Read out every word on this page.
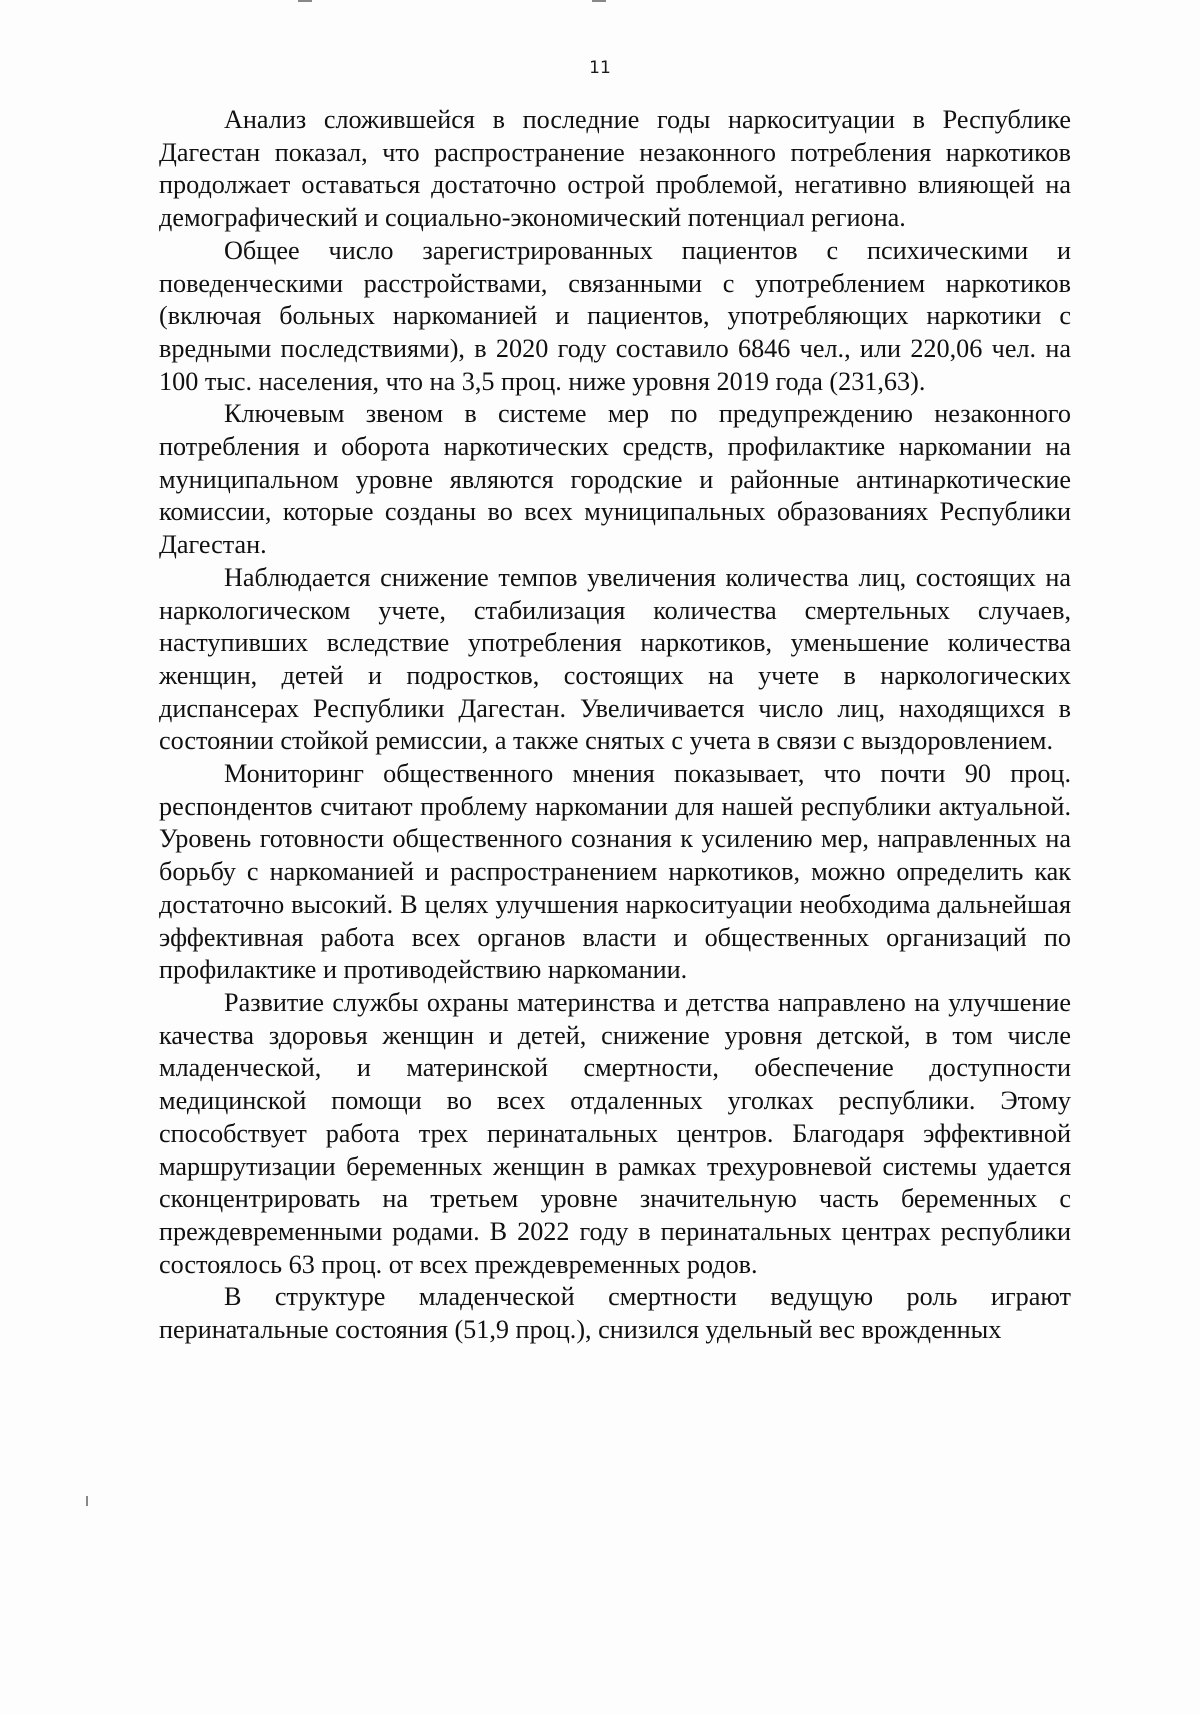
11

Анализ сложившейся в последние годы наркоситуации в Республике Дагестан показал, что распространение незаконного потребления наркотиков продолжает оставаться достаточно острой проблемой, негативно влияющей на демографический и социально-экономический потенциал региона.

Общее число зарегистрированных пациентов с психическими и поведенческими расстройствами, связанными с употреблением наркотиков (включая больных наркоманией и пациентов, употребляющих наркотики с вредными последствиями), в 2020 году составило 6846 чел., или 220,06 чел. на 100 тыс. населения, что на 3,5 проц. ниже уровня 2019 года (231,63).

Ключевым звеном в системе мер по предупреждению незаконного потребления и оборота наркотических средств, профилактике наркомании на муниципальном уровне являются городские и районные антинаркотические комиссии, которые созданы во всех муниципальных образованиях Республики Дагестан.

Наблюдается снижение темпов увеличения количества лиц, состоящих на наркологическом учете, стабилизация количества смертельных случаев, наступивших вследствие употребления наркотиков, уменьшение количества женщин, детей и подростков, состоящих на учете в наркологических диспансерах Республики Дагестан. Увеличивается число лиц, находящихся в состоянии стойкой ремиссии, а также снятых с учета в связи с выздоровлением.

Мониторинг общественного мнения показывает, что почти 90 проц. респондентов считают проблему наркомании для нашей республики актуальной. Уровень готовности общественного сознания к усилению мер, направленных на борьбу с наркоманией и распространением наркотиков, можно определить как достаточно высокий. В целях улучшения наркоситуации необходима дальнейшая эффективная работа всех органов власти и общественных организаций по профилактике и противодействию наркомании.

Развитие службы охраны материнства и детства направлено на улучшение качества здоровья женщин и детей, снижение уровня детской, в том числе младенческой, и материнской смертности, обеспечение доступности медицинской помощи во всех отдаленных уголках республики. Этому способствует работа трех перинатальных центров. Благодаря эффективной маршрутизации беременных женщин в рамках трехуровневой системы удается сконцентрировать на третьем уровне значительную часть беременных с преждевременными родами. В 2022 году в перинатальных центрах республики состоялось 63 проц. от всех преждевременных родов.

В структуре младенческой смертности ведущую роль играют перинатальные состояния (51,9 проц.), снизился удельный вес врожденных
